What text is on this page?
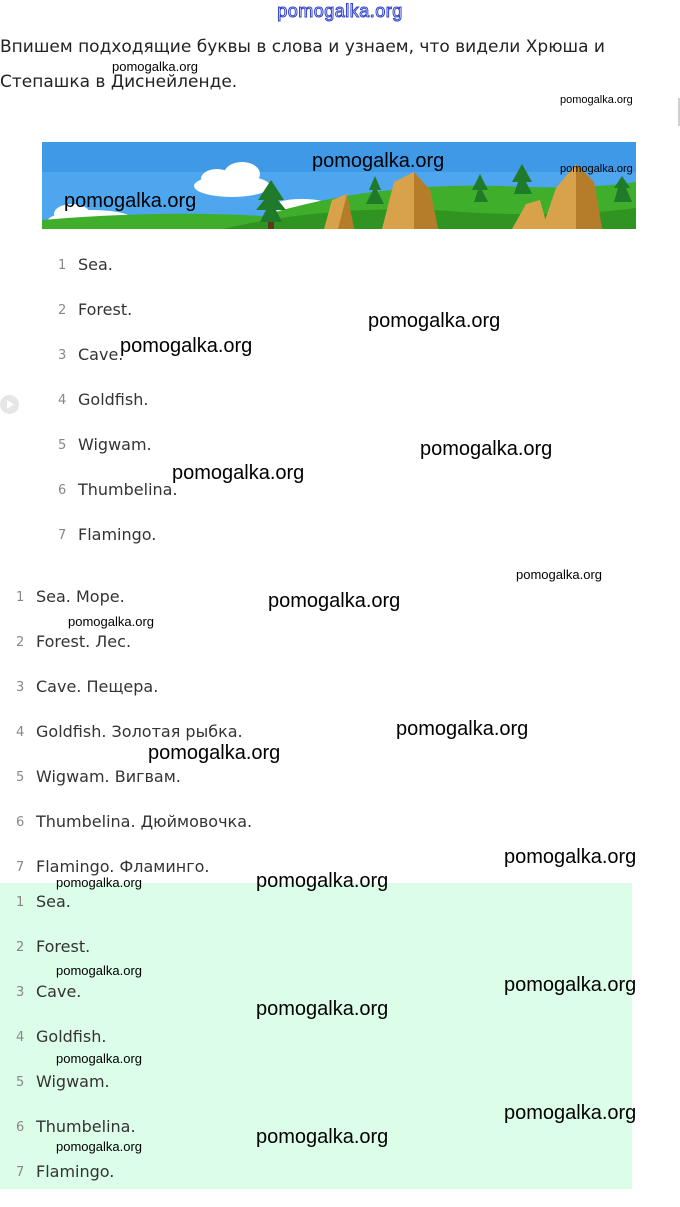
pomogalka.org

Впишем подходящие буквы в слова и узнаем, что видели Хрюша и Степашка в Диснейленде.

1 Sea.
2 Forest.
3 Cave.
4 Goldfish.
5 Wigwam.
6 Thumbelina.
7 Flamingo.
1 Sea. Море.
2 Forest. Лес.
3 Cave. Пещера.
4 Goldfish. Золотая рыбка.
5 Wigwam. Вигвам.
6 Thumbelina. Дюймовочка.
7 Flamingo. Фламинго.
1 Sea.
2 Forest.
3 Cave.
4 Goldfish.
5 Wigwam.
6 Thumbelina.
7 Flamingo.
pomogalka.org
pomogalka.org
pomogalka.org	pomogalka.org
pomogalka.org
pomogalka.org
pomogalka.org
pomogalka.org
pomogalka.org
pomogalka.org
pomogalka.org
pomogalka.org
pomogalka.org
pomogalka.org
pomogalka.org
pomogalka.org
pomogalka.org
pomogalka.org
pomogalka.org
pomogalka.org
pomogalka.org
pomogalka.org
pomogalka.org
pomogalka.org
